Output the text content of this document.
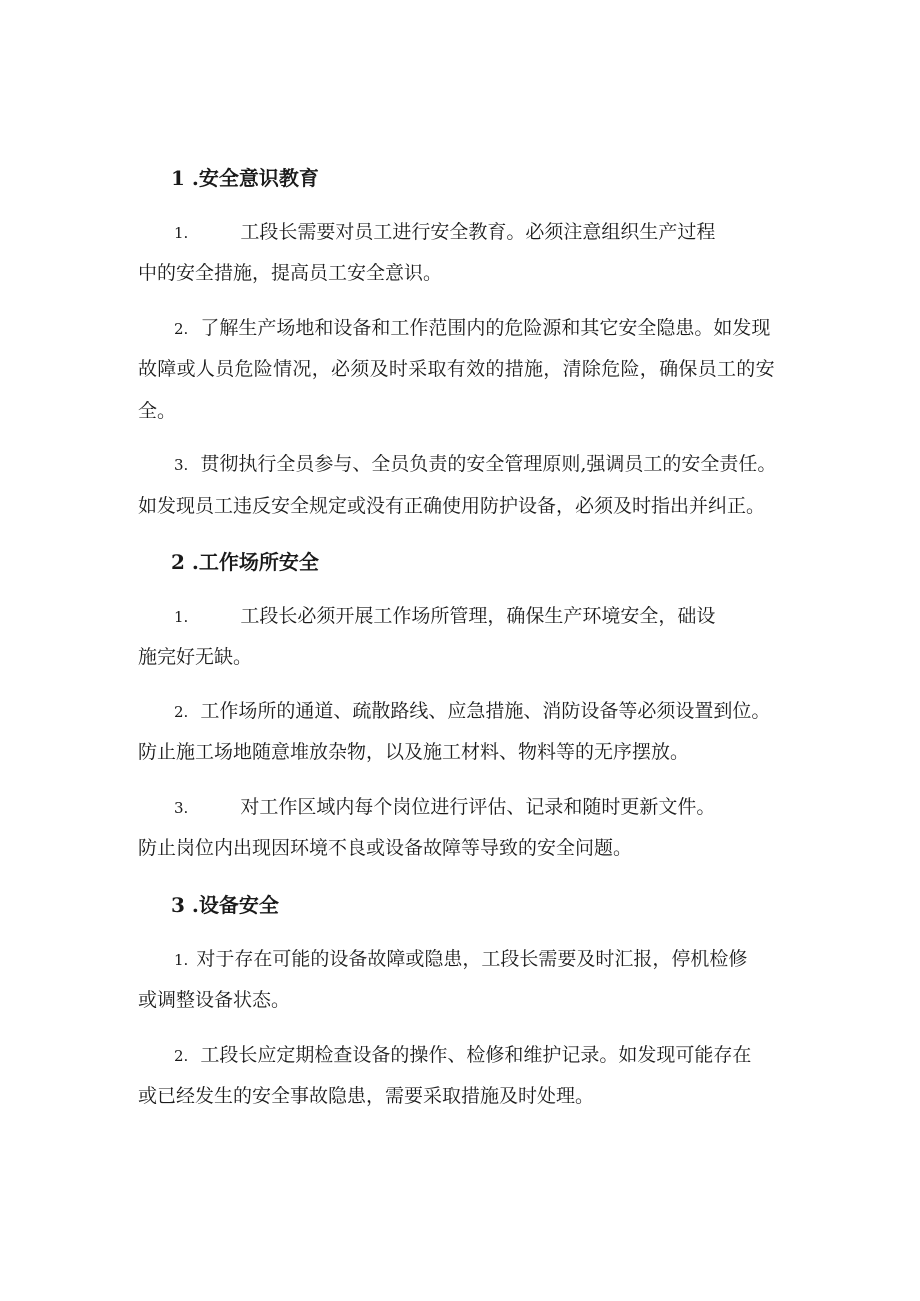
1 .安全意识教育
1.	工段长需要对员工进行安全教育。必须注意组织生产过程
中的安全措施，提高员工安全意识。
2. 了解生产场地和设备和工作范围内的危险源和其它安全隐患。如发现
故障或人员危险情况，必须及时采取有效的措施，清除危险，确保员工的安
全。
3. 贯彻执行全员参与、全员负责的安全管理原则,强调员工的安全责任。
如发现员工违反安全规定或没有正确使用防护设备，必须及时指出并纠正。
2 .工作场所安全
1.	工段长必须开展工作场所管理，确保生产环境安全，础设
施完好无缺。
2. 工作场所的通道、疏散路线、应急措施、消防设备等必须设置到位。
防止施工场地随意堆放杂物，以及施工材料、物料等的无序摆放。
3.	对工作区域内每个岗位进行评估、记录和随时更新文件。
防止岗位内出现因环境不良或设备故障等导致的安全问题。
3 .设备安全
1. 对于存在可能的设备故障或隐患，工段长需要及时汇报，停机检修
或调整设备状态。
2. 工段长应定期检查设备的操作、检修和维护记录。如发现可能存在
或已经发生的安全事故隐患，需要采取措施及时处理。
